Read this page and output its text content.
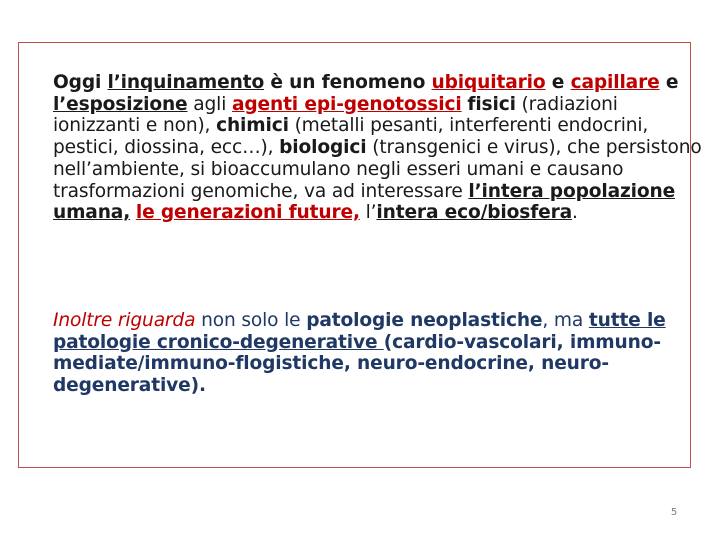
Oggi l’inquinamento è un fenomeno ubiquitario e capillare e l’esposizione agli agenti epi-genotossici fisici (radiazioni ionizzanti e non), chimici (metalli pesanti, interferenti endocrini, pestici, diossina, ecc…), biologici (transgenici e virus), che persistono nell’ambiente, si bioaccumulano negli esseri umani e causano trasformazioni genomiche, va ad interessare l’intera popolazione umana, le generazioni future, l’intera eco/biosfera.

Inoltre riguarda non solo le patologie neoplastiche, ma tutte le patologie cronico-degenerative (cardio-vascolari, immuno-mediate/immuno-flogistiche, neuro-endocrine, neuro-degenerative).

5
